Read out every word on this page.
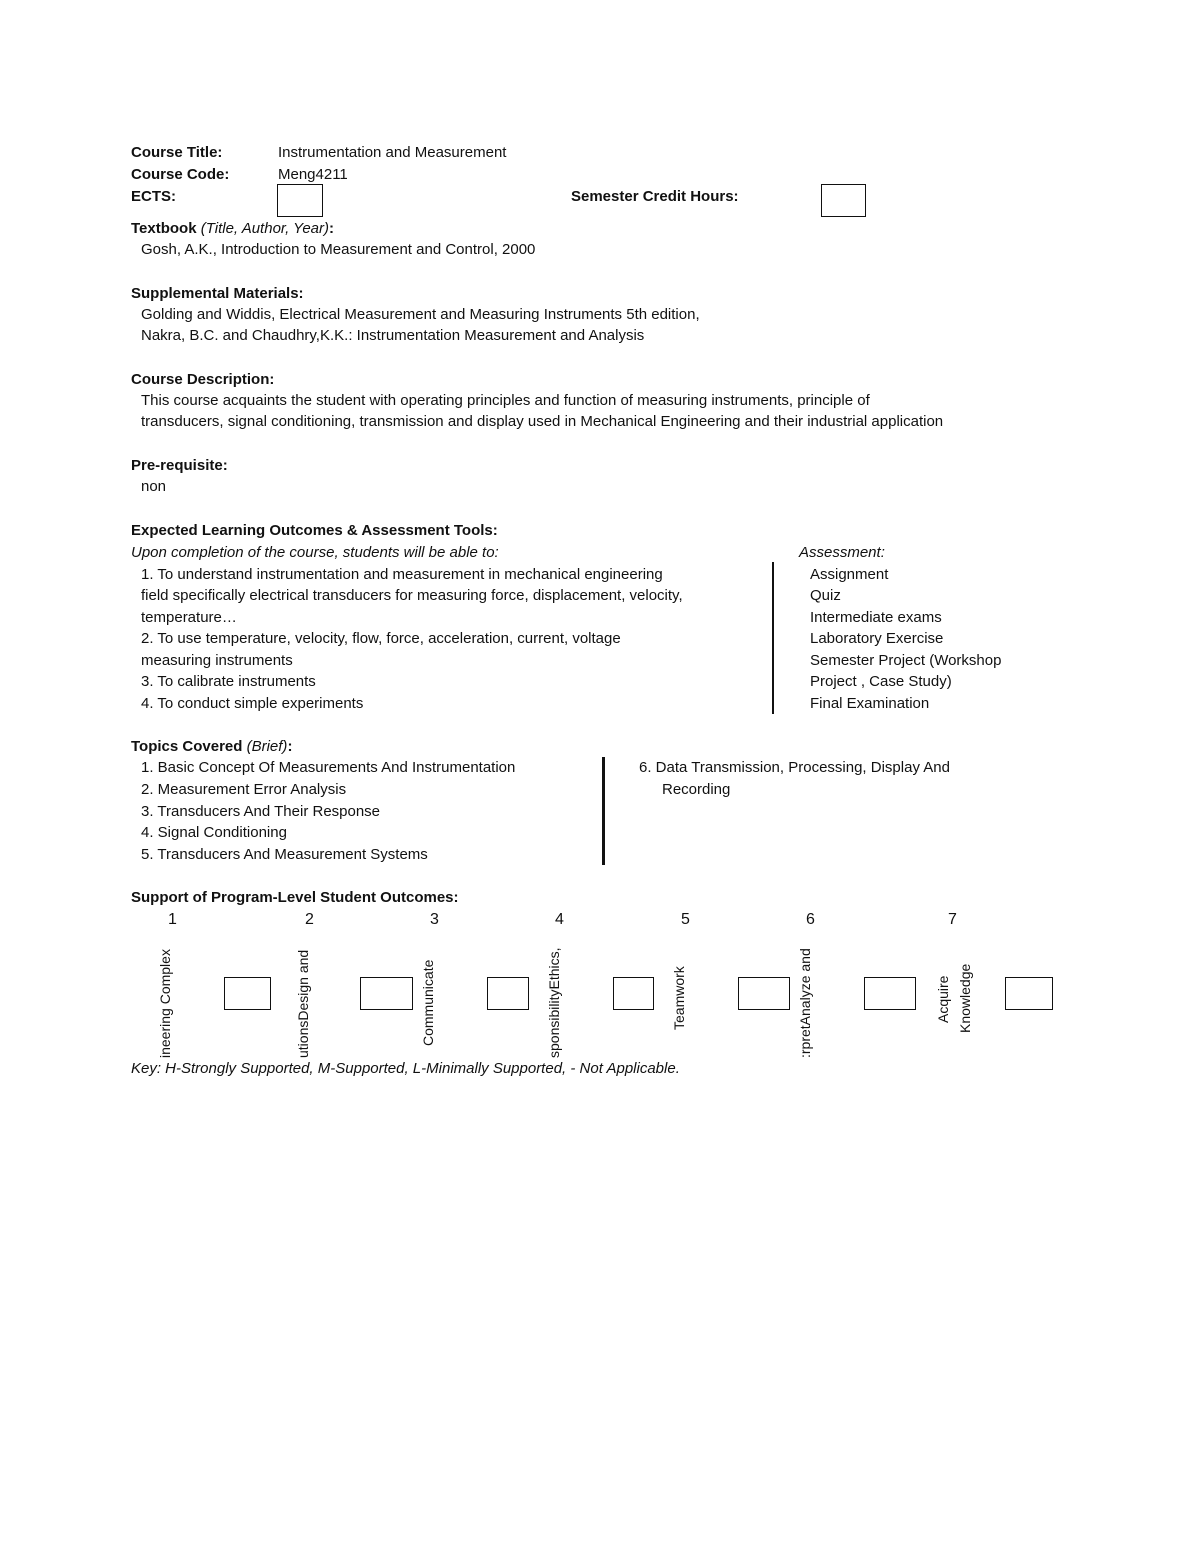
Course Title:	Instrumentation and Measurement
Course Code:	Meng4211
ECTS:	Semester Credit Hours:
Textbook (Title, Author, Year):
Gosh, A.K., Introduction to Measurement and Control, 2000
Supplemental Materials:
Golding and Widdis, Electrical Measurement and Measuring Instruments 5th edition,
Nakra, B.C. and Chaudhry,K.K.: Instrumentation Measurement and Analysis
Course Description:
This course acquaints the student with operating principles and function of measuring instruments, principle of
transducers, signal conditioning, transmission and display used in Mechanical Engineering and their industrial application
Pre-requisite:
non
Expected Learning Outcomes & Assessment Tools:
Upon completion of the course, students will be able to:
1. To understand instrumentation and measurement in mechanical engineering
field specifically electrical transducers for measuring force, displacement, velocity,
temperature…
2. To use temperature, velocity, flow, force, acceleration, current, voltage
measuring instruments
3. To calibrate instruments
4. To conduct simple experiments
Assessment:
Assignment
Quiz
Intermediate exams
Laboratory Exercise
Semester Project (Workshop
Project , Case Study)
Final Examination
Topics Covered (Brief):
1. Basic Concept Of Measurements And Instrumentation
2. Measurement Error Analysis
3. Transducers And Their Response
4. Signal Conditioning
5. Transducers And Measurement Systems
6. Data Transmission, Processing, Display And
Recording
Support of Program-Level Student Outcomes:
1	2	3	4	5	6	7
ineering Complex	utionsDesign and	Communicate	sponsibilityEthics,	Teamwork	:rpretAnalyze and	Acquire Knowledge
Key: H-Strongly Supported, M-Supported, L-Minimally Supported, - Not Applicable.
